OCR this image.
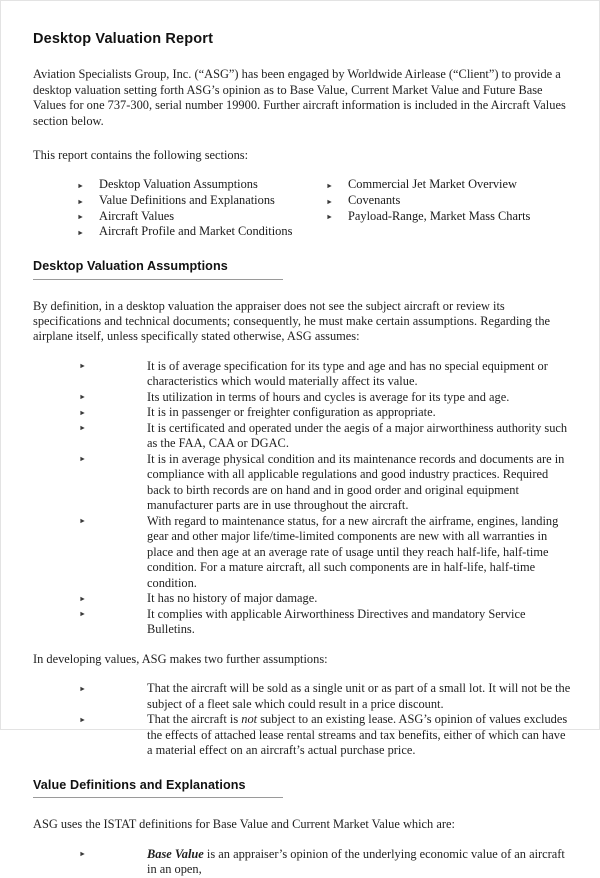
Desktop Valuation Report

Aviation Specialists Group, Inc. (“ASG”) has been engaged by Worldwide Airlease (“Client”) to provide a desktop valuation setting forth ASG’s opinion as to Base Value, Current Market Value and Future Base Values for one 737-300, serial number 19900. Further aircraft information is included in the Aircraft Values section below.

This report contains the following sections:

► Desktop Valuation Assumptions
► Value Definitions and Explanations
► Aircraft Values
► Aircraft Profile and Market Conditions
► Commercial Jet Market Overview
► Covenants
► Payload-Range, Market Mass Charts
Desktop Valuation Assumptions

By definition, in a desktop valuation the appraiser does not see the subject aircraft or review its specifications and technical documents; consequently, he must make certain assumptions. Regarding the airplane itself, unless specifically stated otherwise, ASG assumes:

► It is of average specification for its type and age and has no special equipment or characteristics which would materially affect its value.
► Its utilization in terms of hours and cycles is average for its type and age.
► It is in passenger or freighter configuration as appropriate.
► It is certificated and operated under the aegis of a major airworthiness authority such as the FAA, CAA or DGAC.
► It is in average physical condition and its maintenance records and documents are in compliance with all applicable regulations and good industry practices. Required back to birth records are on hand and in good order and original equipment manufacturer parts are in use throughout the aircraft.
► With regard to maintenance status, for a new aircraft the airframe, engines, landing gear and other major life/time-limited components are new with all warranties in place and then age at an average rate of usage until they reach half-life, half-time condition. For a mature aircraft, all such components are in half-life, half-time condition.
► It has no history of major damage.
► It complies with applicable Airworthiness Directives and mandatory Service Bulletins.

In developing values, ASG makes two further assumptions:

► That the aircraft will be sold as a single unit or as part of a small lot. It will not be the subject of a fleet sale which could result in a price discount.
► That the aircraft is not subject to an existing lease. ASG’s opinion of values excludes the effects of attached lease rental streams and tax benefits, either of which can have a material effect on an aircraft’s actual purchase price.
Value Definitions and Explanations

ASG uses the ISTAT definitions for Base Value and Current Market Value which are:

► Base Value is an appraiser’s opinion of the underlying economic value of an aircraft in an open,
